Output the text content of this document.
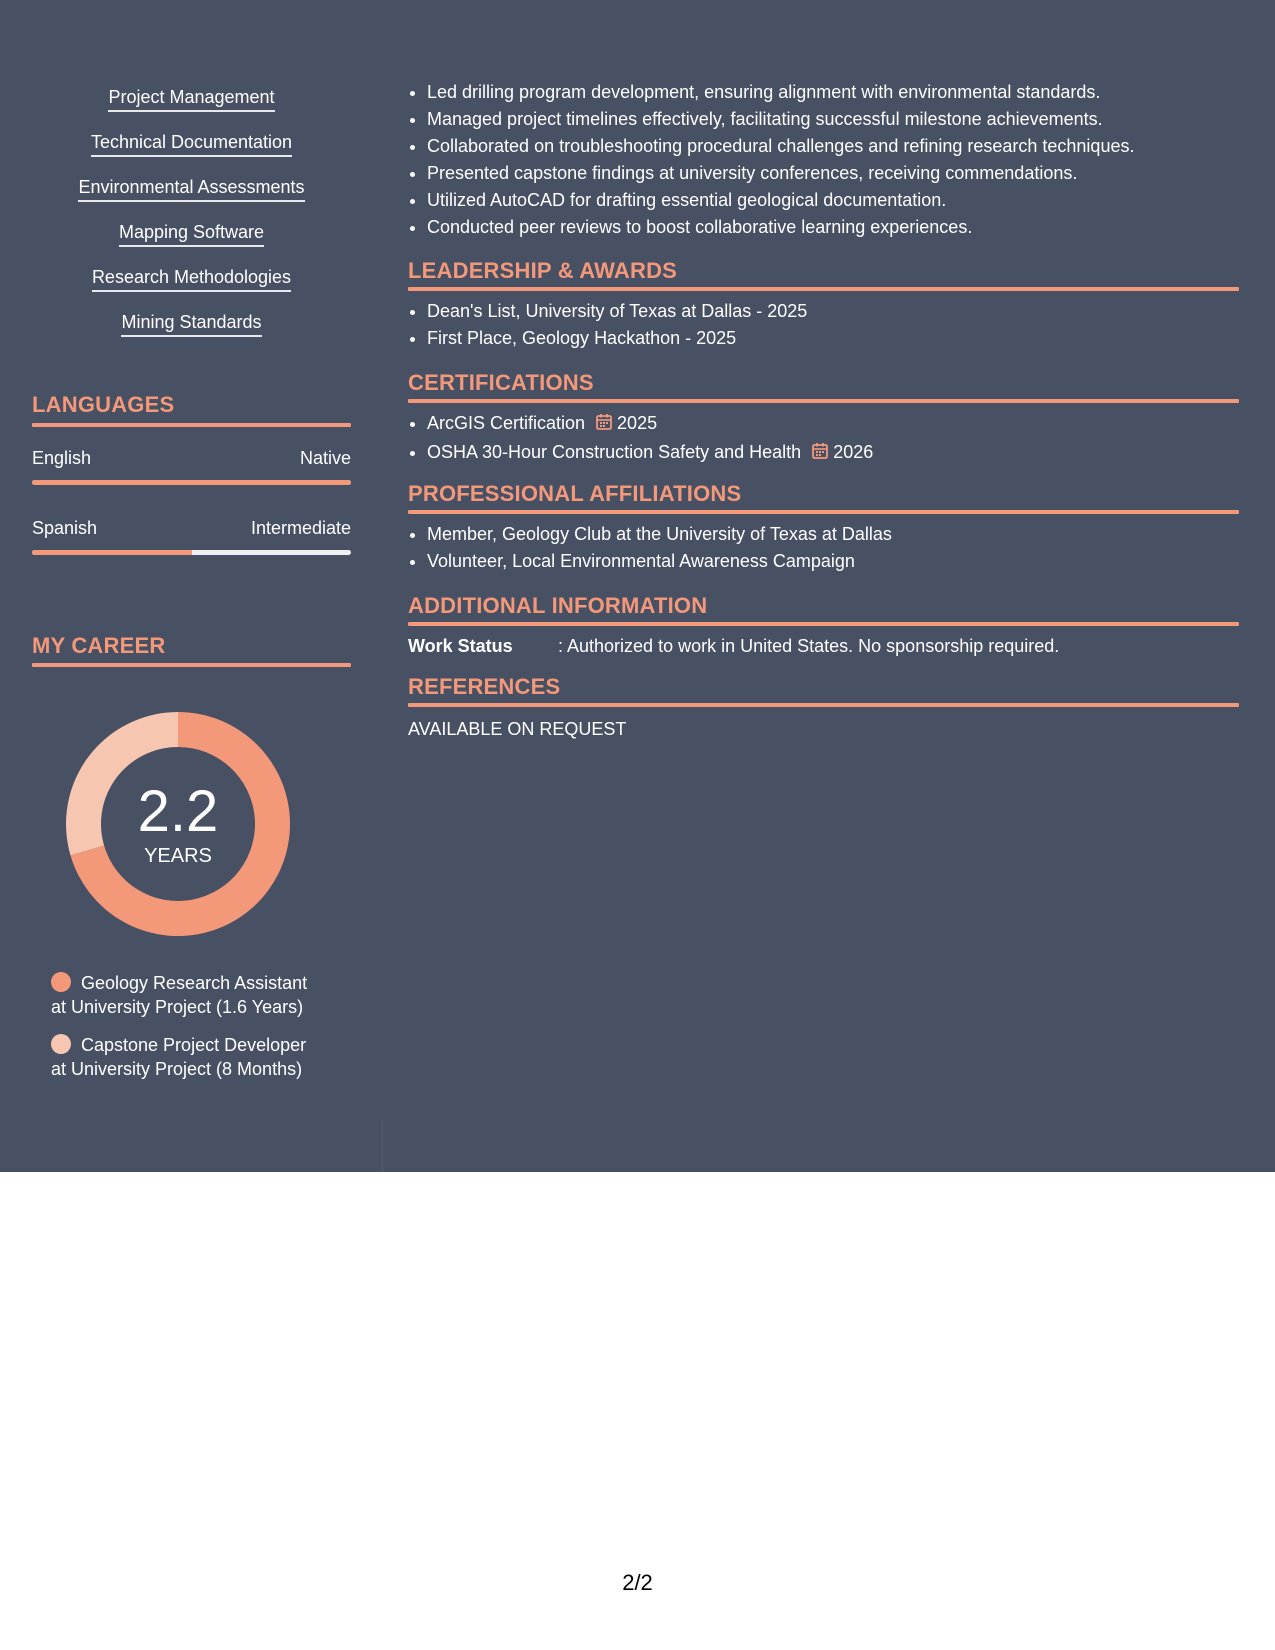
Project Management
Technical Documentation
Environmental Assessments
Mapping Software
Research Methodologies
Mining Standards
LANGUAGES
English	Native
Spanish	Intermediate
MY CAREER
2.2
YEARS
Geology Research Assistant
at University Project (1.6 Years)
Capstone Project Developer
at University Project (8 Months)
• Led drilling program development, ensuring alignment with environmental standards.
• Managed project timelines effectively, facilitating successful milestone achievements.
• Collaborated on troubleshooting procedural challenges and refining research techniques.
• Presented capstone findings at university conferences, receiving commendations.
• Utilized AutoCAD for drafting essential geological documentation.
• Conducted peer reviews to boost collaborative learning experiences.
LEADERSHIP & AWARDS
• Dean's List, University of Texas at Dallas - 2025
• First Place, Geology Hackathon - 2025
CERTIFICATIONS
• ArcGIS Certification 2025
• OSHA 30-Hour Construction Safety and Health 2026
PROFESSIONAL AFFILIATIONS
• Member, Geology Club at the University of Texas at Dallas
• Volunteer, Local Environmental Awareness Campaign
ADDITIONAL INFORMATION
Work Status	: Authorized to work in United States. No sponsorship required.
REFERENCES
AVAILABLE ON REQUEST
2/2
